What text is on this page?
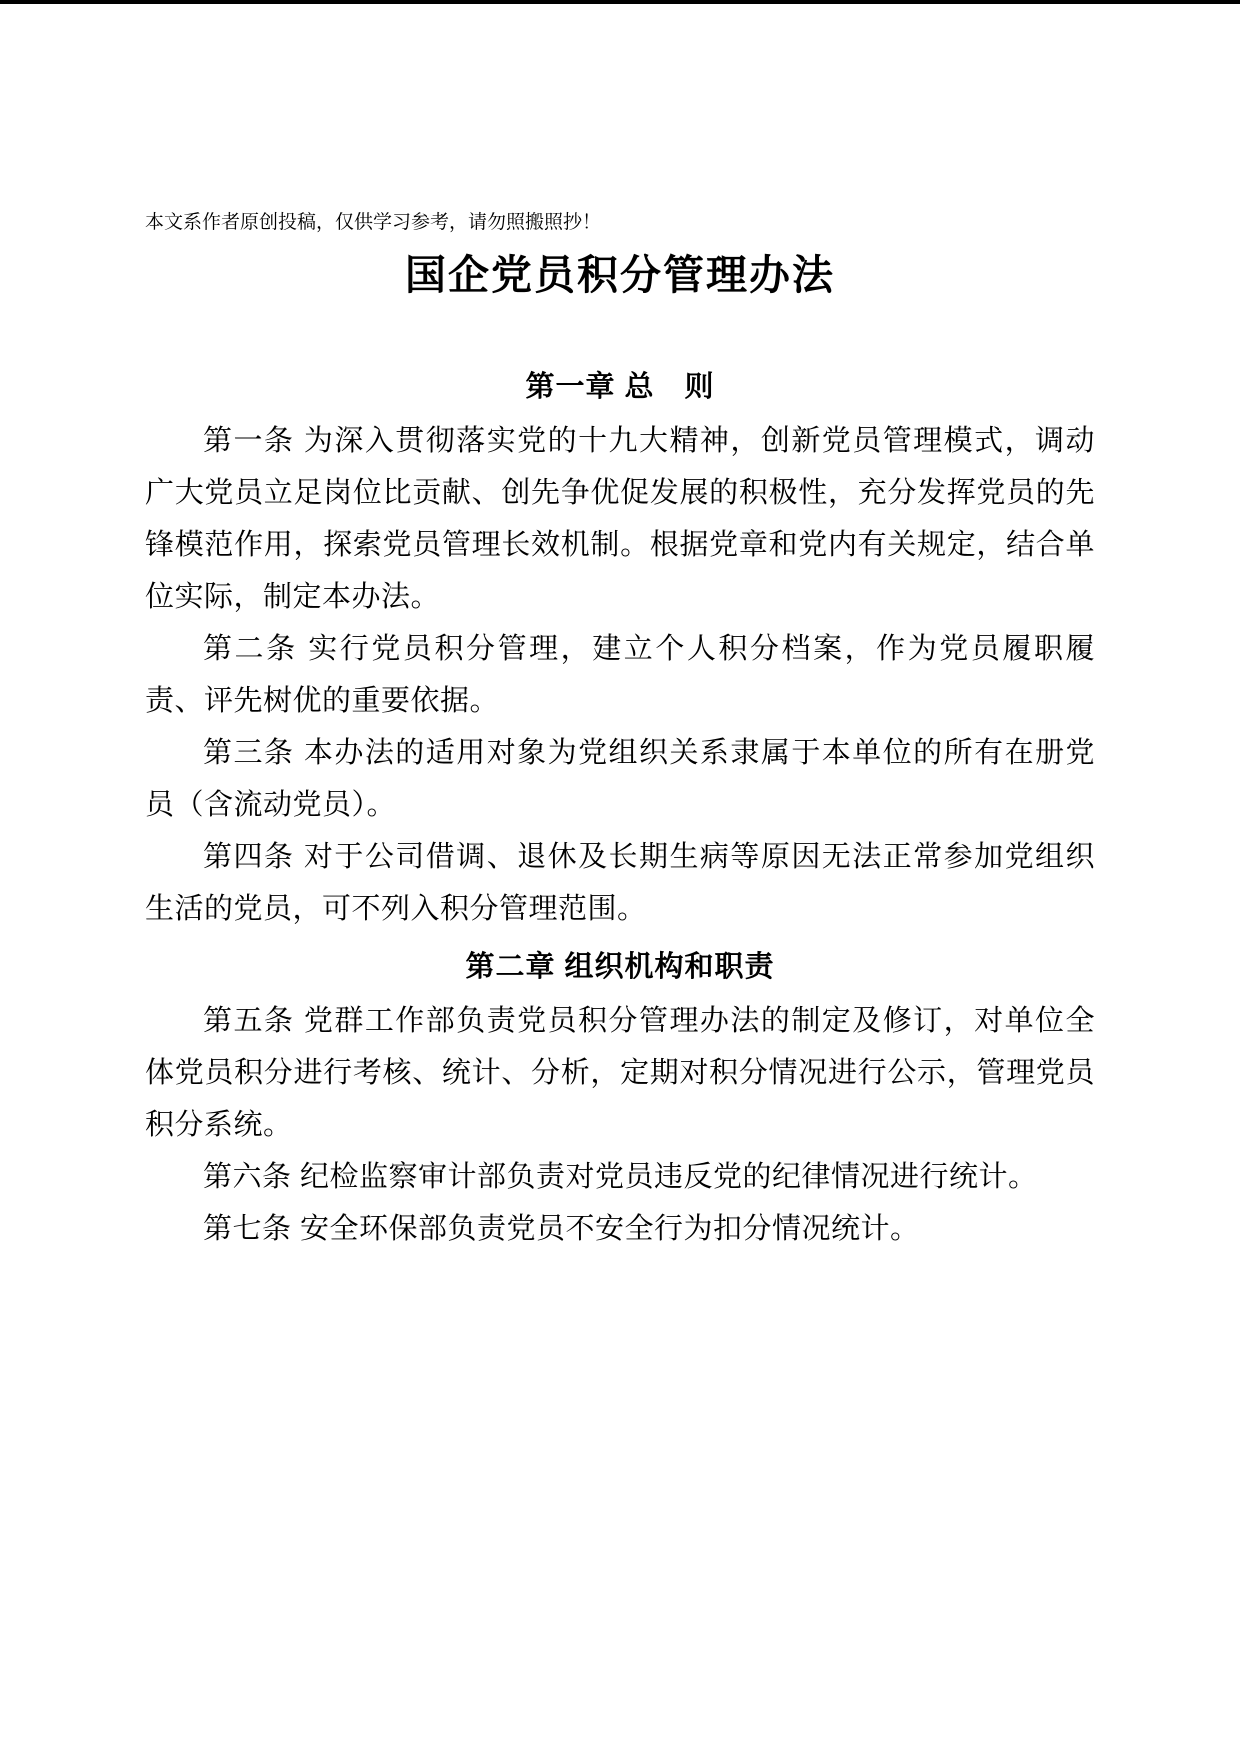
本文系作者原创投稿，仅供学习参考，请勿照搬照抄！

国企党员积分管理办法
第一章 总　则

第一条 为深入贯彻落实党的十九大精神，创新党员管理模式，调动广大党员立足岗位比贡献、创先争优促发展的积极性，充分发挥党员的先锋模范作用，探索党员管理长效机制。根据党章和党内有关规定，结合单位实际，制定本办法。

第二条 实行党员积分管理，建立个人积分档案，作为党员履职履责、评先树优的重要依据。

第三条 本办法的适用对象为党组织关系隶属于本单位的所有在册党员（含流动党员）。

第四条 对于公司借调、退休及长期生病等原因无法正常参加党组织生活的党员，可不列入积分管理范围。

第二章 组织机构和职责

第五条 党群工作部负责党员积分管理办法的制定及修订，对单位全体党员积分进行考核、统计、分析，定期对积分情况进行公示，管理党员积分系统。

第六条 纪检监察审计部负责对党员违反党的纪律情况进行统计。

第七条 安全环保部负责党员不安全行为扣分情况统计。
